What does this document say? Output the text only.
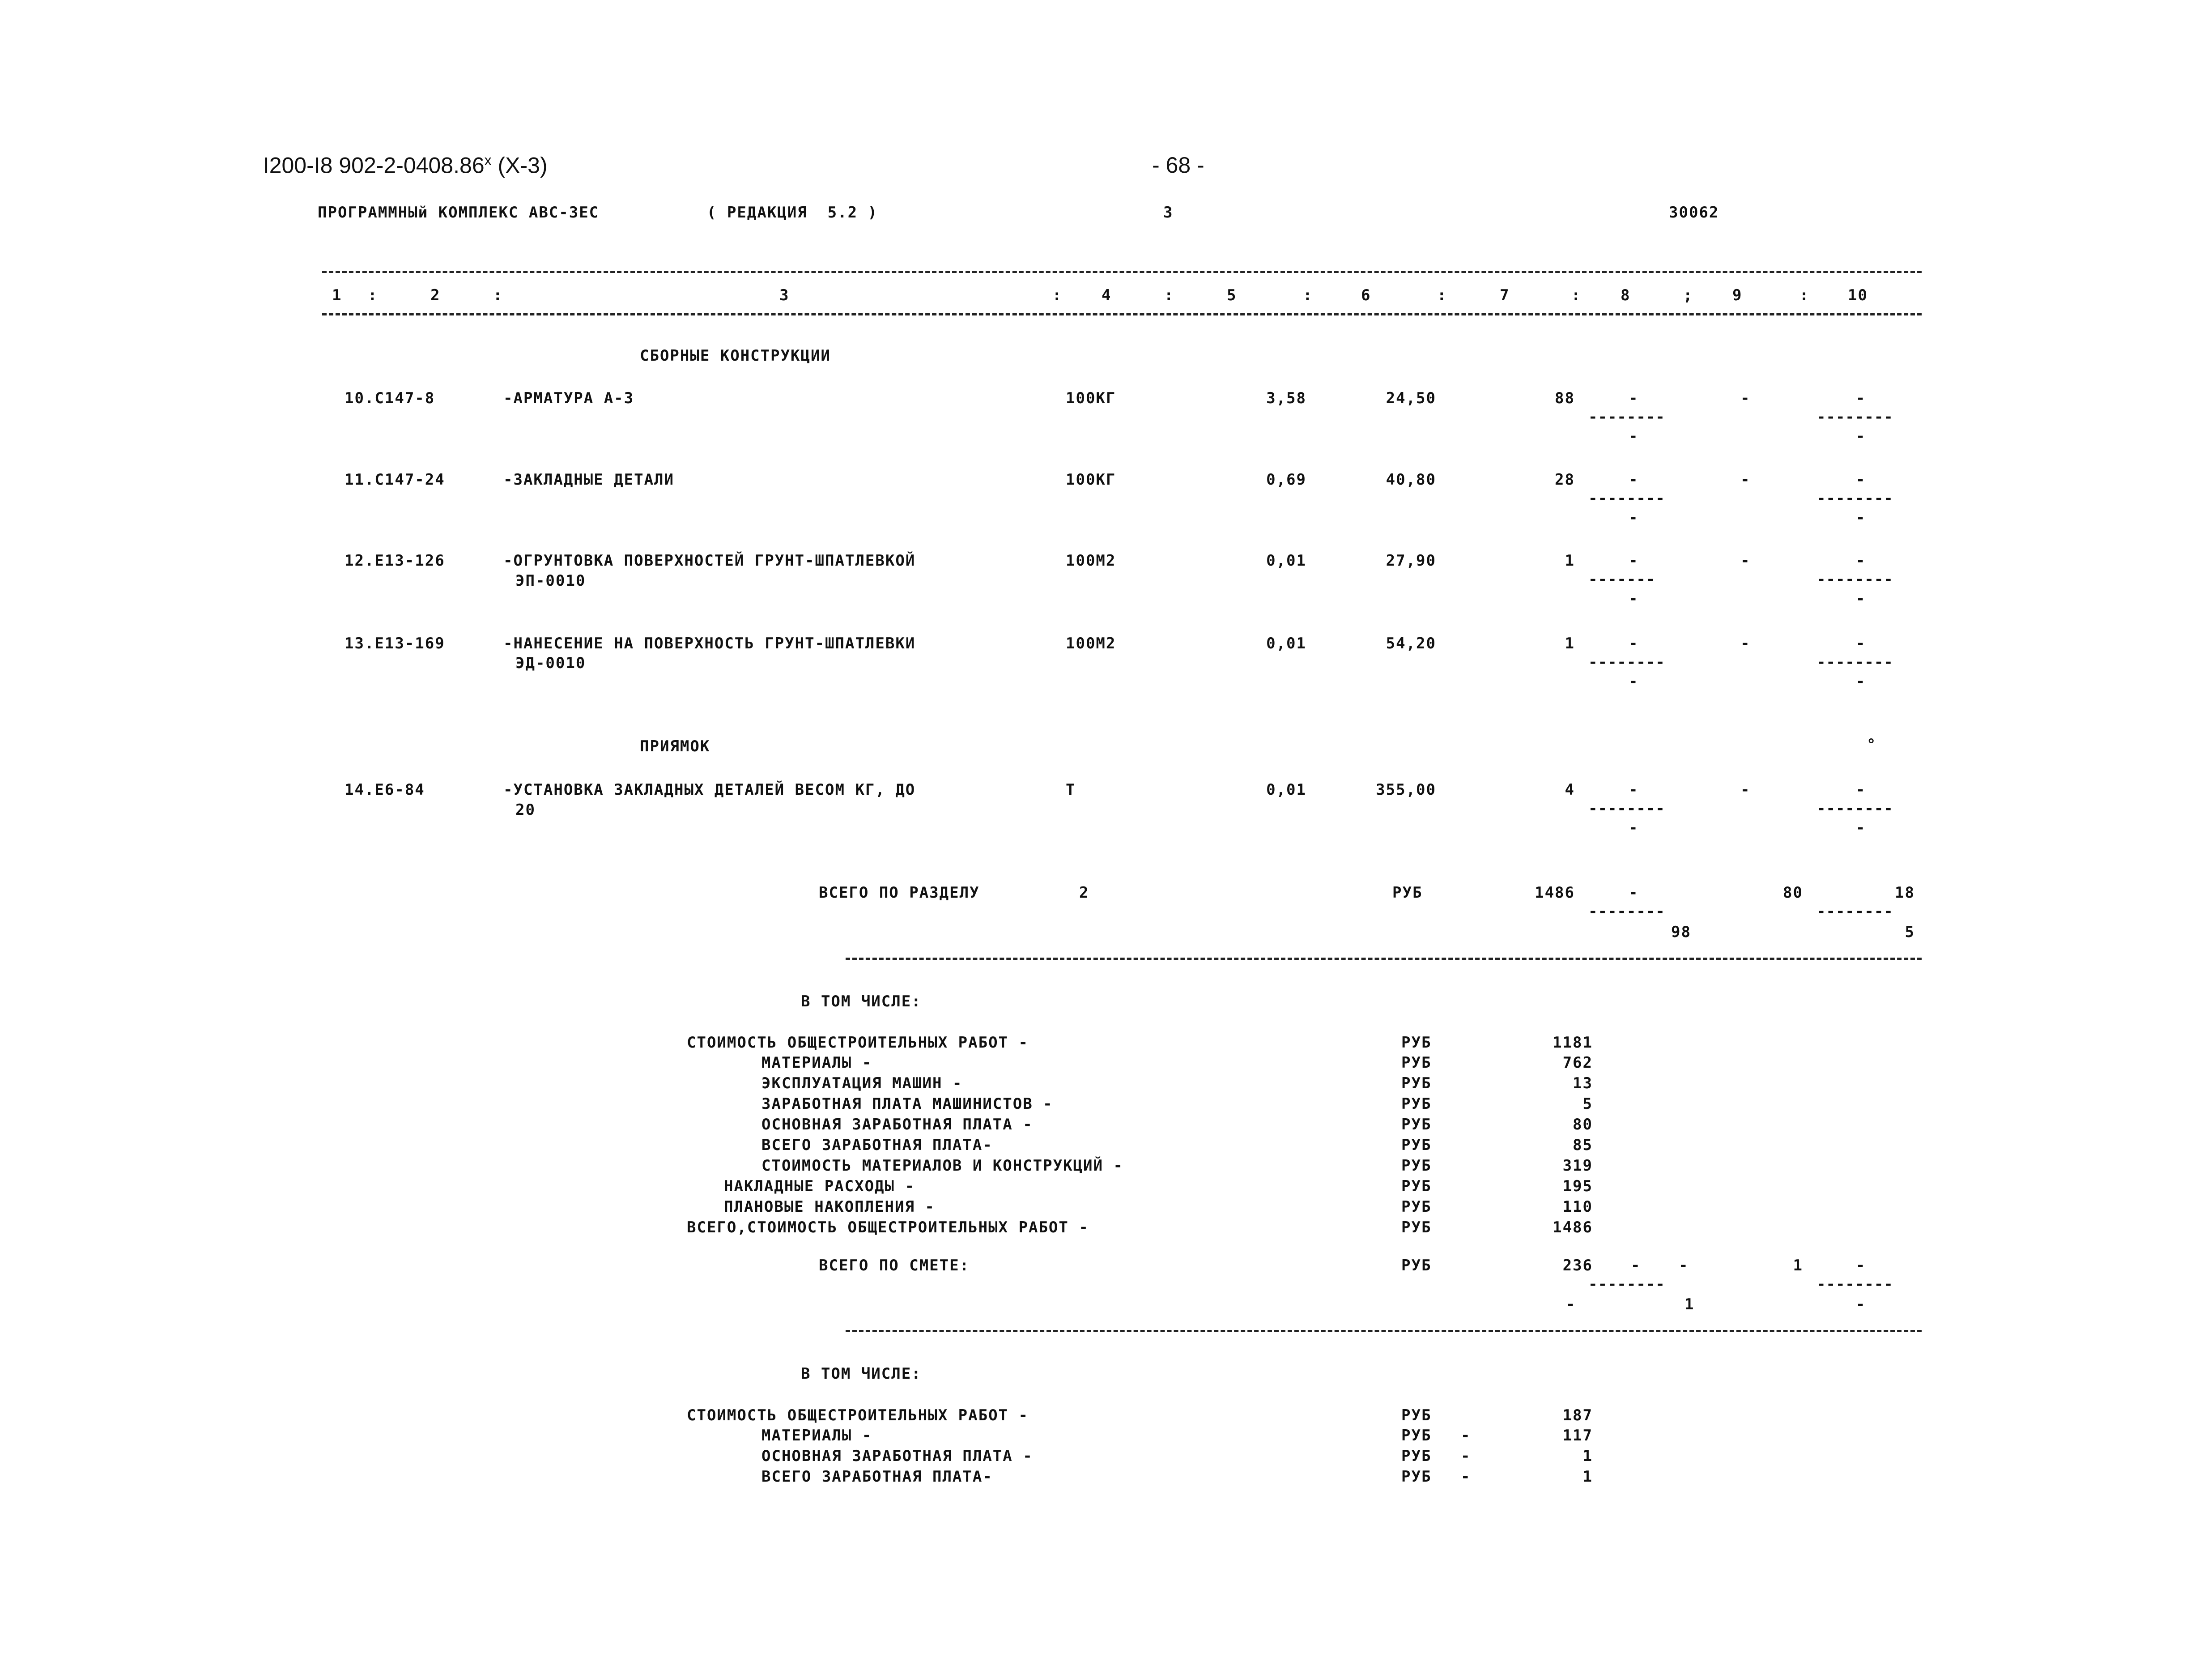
I200-I8 902-2-0408.86$^x$ (X-3)	- 68 -
ПРОГРАММНЫй КОМПЛЕКС АВС-ЗЕС	( РЕДАКЦИЯ  5.2 )	3	30062
1 :	2	:	3	:	4	:	5	:	6	:	7	:	8	;	9	:	10
СБОРНЫЕ КОНСТРУКЦИИ
10.С147-8	-АРМАТУРА А-3	100КГ	3,58	24,50	88	-	-	-
--------	--------
-	-
11.С147-24	-ЗАКЛАДНЫЕ ДЕТАЛИ	100КГ	0,69	40,80	28	-	-	-
--------	--------
-	-
12.Е13-126	-ОГРУНТОВКА ПОВЕРХНОСТЕЙ ГРУНТ-ШПАТЛЕВКОЙ
ЭП-0010
100М2	0,01	27,90	1	-	-	-
-------	--------
-	-
13.Е13-169	-НАНЕСЕНИЕ НА ПОВЕРХНОСТЬ ГРУНТ-ШПАТЛЕВКИ
ЭД-0010
100М2	0,01	54,20	1	-	-	-
--------	--------
-	-
ПРИЯМОК	°
14.Е6-84	-УСТАНОВКА ЗАКЛАДНЫХ ДЕТАЛЕЙ ВЕСОМ КГ, ДО
20
Т	0,01	355,00	4	-	-	-
--------	--------
-	-
ВСЕГО ПО РАЗДЕЛУ	2	РУБ	1486	-	80	18
--------	--------
98	5
В ТОМ ЧИСЛЕ:
СТОИМОСТЬ ОБЩЕСТРОИТЕЛЬНЫХ РАБОТ -	РУБ	1181
МАТЕРИАЛЫ -	РУБ	762
ЭКСПЛУАТАЦИЯ МАШИН -	РУБ	13
ЗАРАБОТНАЯ ПЛАТА МАШИНИСТОВ -	РУБ	5
ОСНОВНАЯ ЗАРАБОТНАЯ ПЛАТА -	РУБ	80
ВСЕГО ЗАРАБОТНАЯ ПЛАТА-	РУБ	85
СТОИМОСТЬ МАТЕРИАЛОВ И КОНСТРУКЦИЙ -	РУБ	319
НАКЛАДНЫЕ РАСХОДЫ -	РУБ	195
ПЛАНОВЫЕ НАКОПЛЕНИЯ -	РУБ	110
ВСЕГО,СТОИМОСТЬ ОБЩЕСТРОИТЕЛЬНЫХ РАБОТ -	РУБ	1486
ВСЕГО ПО СМЕТЕ:	РУБ	236	- -	1	-
--------	--------
-	1	-
В ТОМ ЧИСЛЕ:
СТОИМОСТЬ ОБЩЕСТРОИТЕЛЬНЫХ РАБОТ -	РУБ	187
МАТЕРИАЛЫ -	РУБ -	117
ОСНОВНАЯ ЗАРАБОТНАЯ ПЛАТА -	РУБ -	1
ВСЕГО ЗАРАБОТНАЯ ПЛАТА-	РУБ -	1
